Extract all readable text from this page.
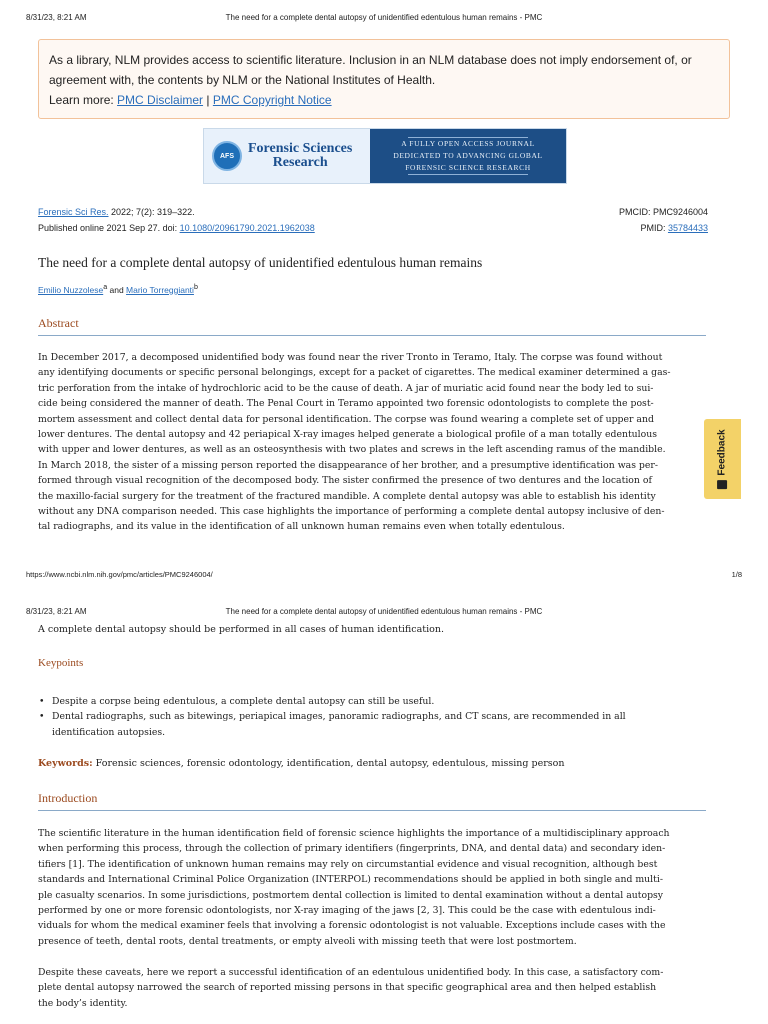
8/31/23, 8:21 AM	The need for a complete dental autopsy of unidentified edentulous human remains - PMC
As a library, NLM provides access to scientific literature. Inclusion in an NLM database does not imply endorsement of, or agreement with, the contents by NLM or the National Institutes of Health.
Learn more: PMC Disclaimer | PMC Copyright Notice
AFS	Forensic Sciences
Research
A FULLY OPEN ACCESS JOURNAL
DEDICATED TO ADVANCING GLOBAL
FORENSIC SCIENCE RESEARCH
Forensic Sci Res. 2022; 7(2): 319–322.	PMCID: PMC9246004
Published online 2021 Sep 27. doi: 10.1080/20961790.2021.1962038	PMID: 35784433
The need for a complete dental autopsy of unidentified edentulous human remains
Emilio Nuzzolese$^a$ and Mario Torreggianti$^b$
Abstract
In December 2017, a decomposed unidentified body was found near the river Tronto in Teramo, Italy. The corpse was found without
any identifying documents or specific personal belongings, except for a packet of cigarettes. The medical examiner determined a gas-
tric perforation from the intake of hydrochloric acid to be the cause of death. A jar of muriatic acid found near the body led to sui-
cide being considered the manner of death. The Penal Court in Teramo appointed two forensic odontologists to complete the post-
mortem assessment and collect dental data for personal identification. The corpse was found wearing a complete set of upper and
lower dentures. The dental autopsy and 42 periapical X-ray images helped generate a biological profile of a man totally edentulous
with upper and lower dentures, as well as an osteosynthesis with two plates and screws in the left ascending ramus of the mandible.
In March 2018, the sister of a missing person reported the disappearance of her brother, and a presumptive identification was per-
formed through visual recognition of the decomposed body. The sister confirmed the presence of two dentures and the location of
the maxillo-facial surgery for the treatment of the fractured mandible. A complete dental autopsy was able to establish his identity
without any DNA comparison needed. This case highlights the importance of performing a complete dental autopsy inclusive of den-
tal radiographs, and its value in the identification of all unknown human remains even when totally edentulous.
Feedback
https://www.ncbi.nlm.nih.gov/pmc/articles/PMC9246004/	1/8
8/31/23, 8:21 AM	The need for a complete dental autopsy of unidentified edentulous human remains - PMC
A complete dental autopsy should be performed in all cases of human identification.
Keypoints
• Despite a corpse being edentulous, a complete dental autopsy can still be useful.
• Dental radiographs, such as bitewings, periapical images, panoramic radiographs, and CT scans, are recommended in all
identification autopsies.
Keywords: Forensic sciences, forensic odontology, identification, dental autopsy, edentulous, missing person
Introduction
The scientific literature in the human identification field of forensic science highlights the importance of a multidisciplinary approach
when performing this process, through the collection of primary identifiers (fingerprints, DNA, and dental data) and secondary iden-
tifiers [1]. The identification of unknown human remains may rely on circumstantial evidence and visual recognition, although best
standards and International Criminal Police Organization (INTERPOL) recommendations should be applied in both single and multi-
ple casualty scenarios. In some jurisdictions, postmortem dental collection is limited to dental examination without a dental autopsy
performed by one or more forensic odontologists, nor X-ray imaging of the jaws [2, 3]. This could be the case with edentulous indi-
viduals for whom the medical examiner feels that involving a forensic odontologist is not valuable. Exceptions include cases with the
presence of teeth, dental roots, dental treatments, or empty alveoli with missing teeth that were lost postmortem.
Despite these caveats, here we report a successful identification of an edentulous unidentified body. In this case, a satisfactory com-
plete dental autopsy narrowed the search of reported missing persons in that specific geographical area and then helped establish
the body’s identity.
